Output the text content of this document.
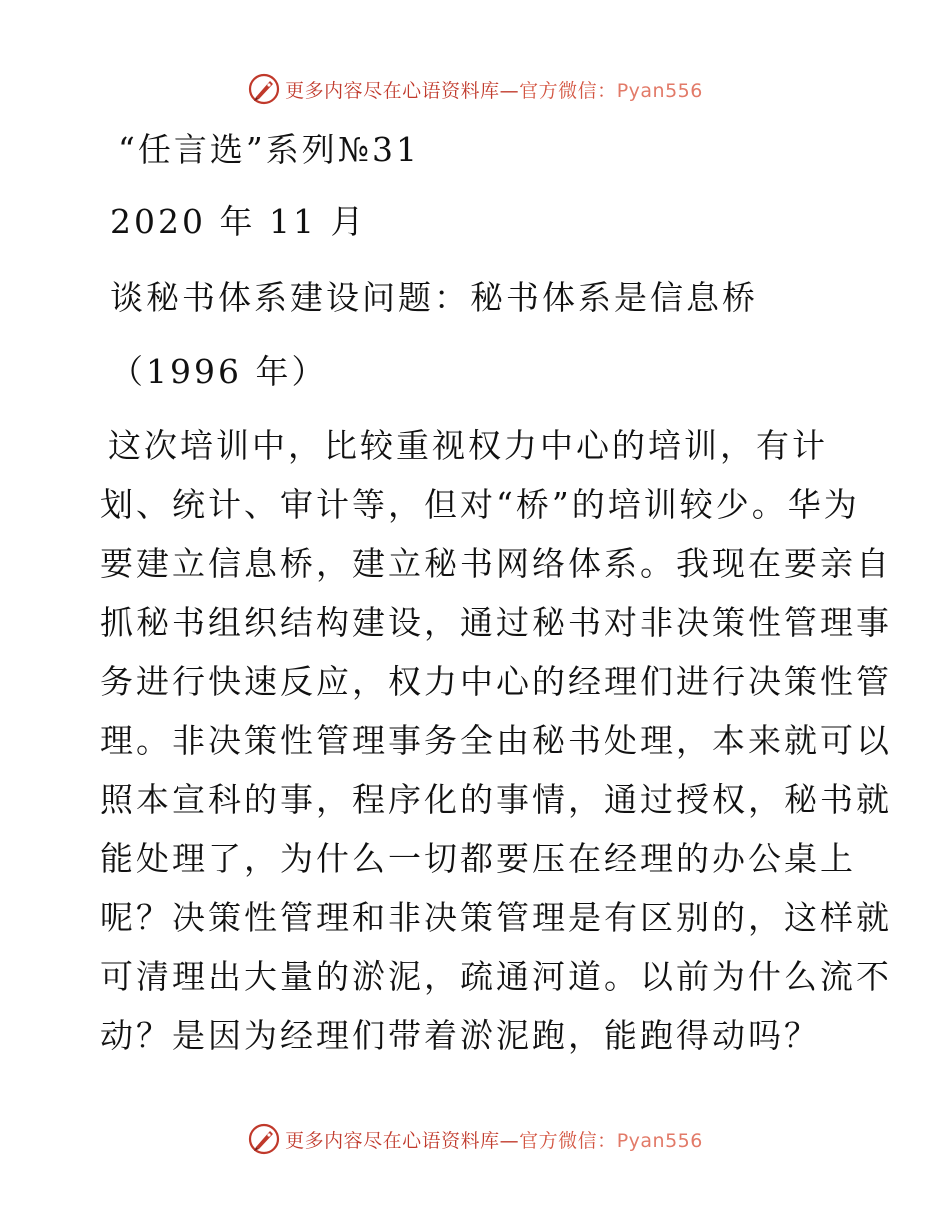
更多内容尽在心语资料库—官方微信：Pyan556
“任言选”系列№31
2020 年 11 月
谈秘书体系建设问题：秘书体系是信息桥
（1996 年）
这次培训中，比较重视权力中心的培训，有计
划、统计、审计等，但对“桥”的培训较少。华为
要建立信息桥，建立秘书网络体系。我现在要亲自
抓秘书组织结构建设，通过秘书对非决策性管理事
务进行快速反应，权力中心的经理们进行决策性管
理。非决策性管理事务全由秘书处理，本来就可以
照本宣科的事，程序化的事情，通过授权，秘书就
能处理了，为什么一切都要压在经理的办公桌上
呢？决策性管理和非决策管理是有区别的，这样就
可清理出大量的淤泥，疏通河道。以前为什么流不
动？是因为经理们带着淤泥跑，能跑得动吗？
更多内容尽在心语资料库—官方微信：Pyan556
